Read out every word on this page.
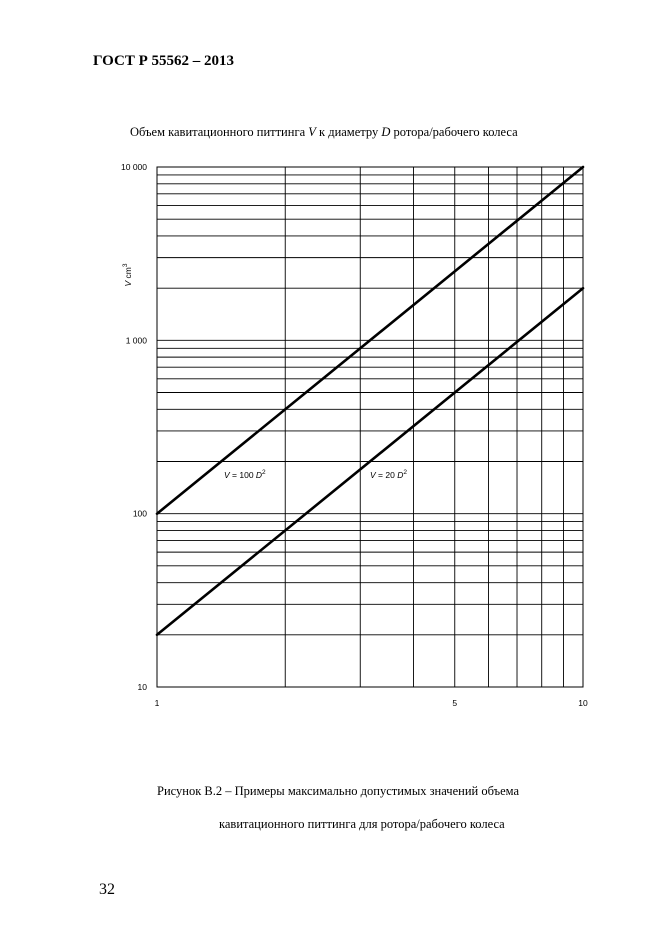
ГОСТ Р 55562 – 2013
Объем кавитационного питтинга V к диаметру D ротора/рабочего колеса
1	5	10
10
100
1 000
10 000
V $cm^3$
V = 100 $D^2$	V = 20 $D^2$
Рисунок В.2 – Примеры максимально допустимых значений объема
кавитационного питтинга для ротора/рабочего колеса
32
